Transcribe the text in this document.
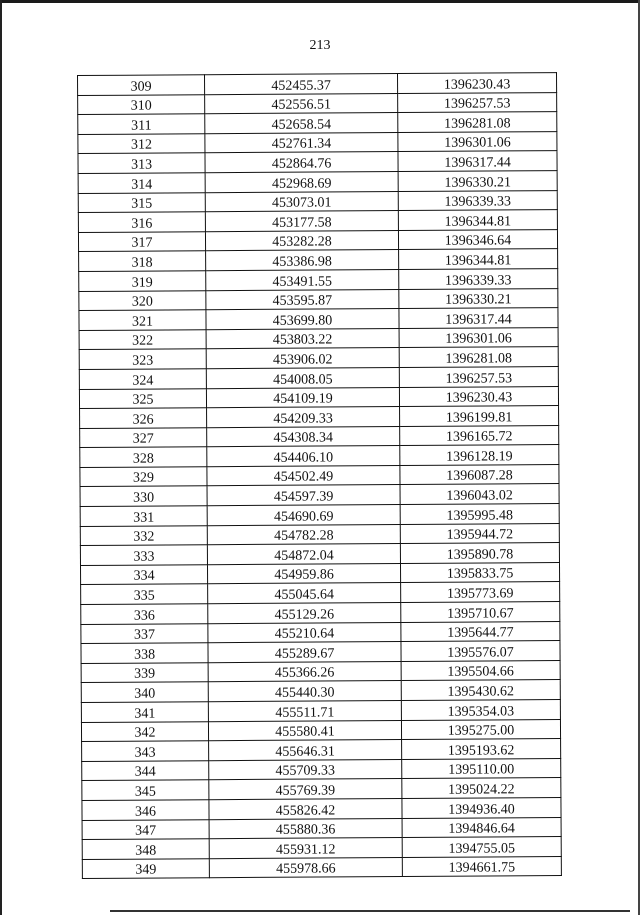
213
309	452455.37	1396230.43
310	452556.51	1396257.53
311	452658.54	1396281.08
312	452761.34	1396301.06
313	452864.76	1396317.44
314	452968.69	1396330.21
315	453073.01	1396339.33
316	453177.58	1396344.81
317	453282.28	1396346.64
318	453386.98	1396344.81
319	453491.55	1396339.33
320	453595.87	1396330.21
321	453699.80	1396317.44
322	453803.22	1396301.06
323	453906.02	1396281.08
324	454008.05	1396257.53
325	454109.19	1396230.43
326	454209.33	1396199.81
327	454308.34	1396165.72
328	454406.10	1396128.19
329	454502.49	1396087.28
330	454597.39	1396043.02
331	454690.69	1395995.48
332	454782.28	1395944.72
333	454872.04	1395890.78
334	454959.86	1395833.75
335	455045.64	1395773.69
336	455129.26	1395710.67
337	455210.64	1395644.77
338	455289.67	1395576.07
339	455366.26	1395504.66
340	455440.30	1395430.62
341	455511.71	1395354.03
342	455580.41	1395275.00
343	455646.31	1395193.62
344	455709.33	1395110.00
345	455769.39	1395024.22
346	455826.42	1394936.40
347	455880.36	1394846.64
348	455931.12	1394755.05
349	455978.66	1394661.75
